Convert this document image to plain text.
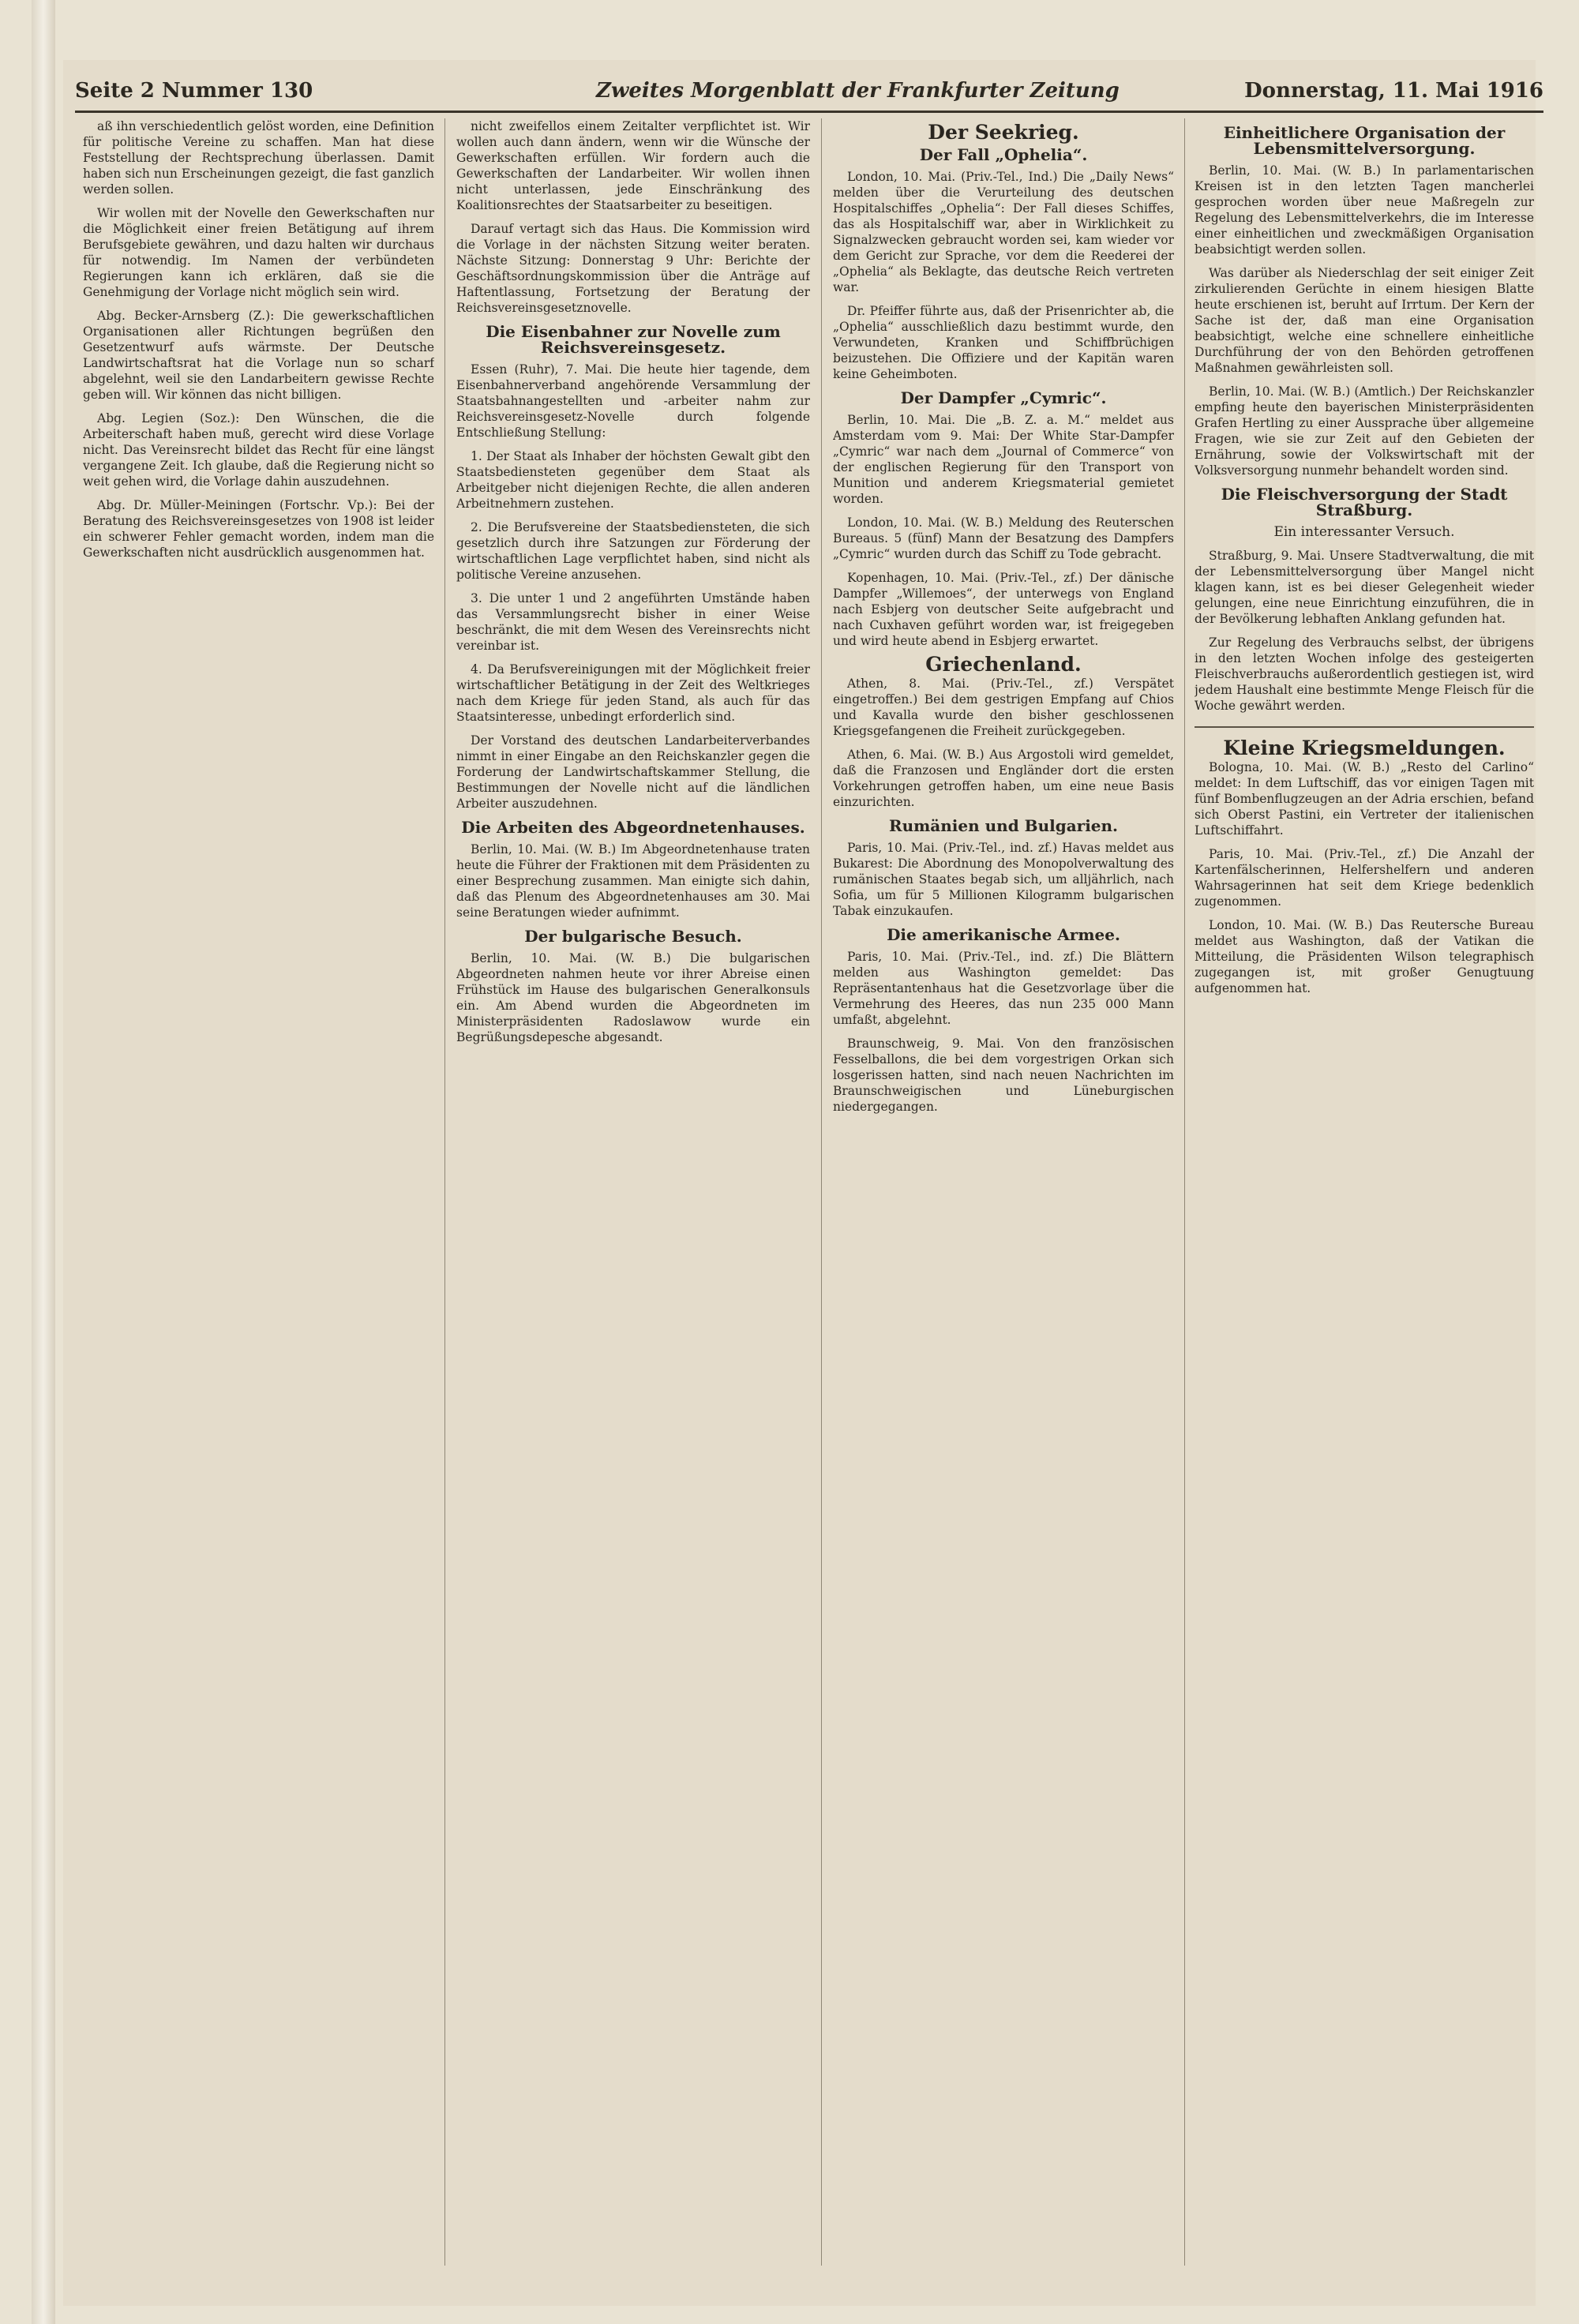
Seite 2 Nummer 130	Zweites Morgenblatt der Frankfurter Zeitung	Donnerstag, 11. Mai 1916

aß ihn verschiedentlich gelöst worden, eine Definition für politische Vereine zu schaffen. Man hat diese Feststellung der Rechtsprechung überlassen. Damit haben sich nun Erscheinungen gezeigt, die fast ganzlich werden sollen.

Wir wollen mit der Novelle den Gewerkschaften nur die Möglichkeit einer freien Betätigung auf ihrem Berufsgebiete gewähren, und dazu halten wir durchaus für notwendig. Im Namen der verbündeten Regierungen kann ich erklären, daß sie die Genehmigung der Vorlage nicht möglich sein wird.

Abg. Becker-Arnsberg (Z.): Die gewerkschaftlichen Organisationen aller Richtungen begrüßen den Gesetzentwurf aufs wärmste. Der Deutsche Landwirtschaftsrat hat die Vorlage nun so scharf abgelehnt, weil sie den Landarbeitern gewisse Rechte geben will. Wir können das nicht billigen.

Abg. Legien (Soz.): Den Wünschen, die die Arbeiterschaft haben muß, gerecht wird diese Vorlage nicht. Das Vereinsrecht bildet das Recht für eine längst vergangene Zeit. Ich glaube, daß die Regierung nicht so weit gehen wird, die Vorlage dahin auszudehnen.

Abg. Dr. Müller-Meiningen (Fortschr. Vp.): Bei der Beratung des Reichsvereinsgesetzes von 1908 ist leider ein schwerer Fehler gemacht worden, indem man die Gewerkschaften nicht ausdrücklich ausgenommen hat.

nicht zweifellos einem Zeitalter verpflichtet ist. Wir wollen auch dann ändern, wenn wir die Wünsche der Gewerkschaften erfüllen. Wir fordern auch die Gewerkschaften der Landarbeiter. Wir wollen ihnen nicht unterlassen, jede Einschränkung des Koalitionsrechtes der Staatsarbeiter zu beseitigen.

Darauf vertagt sich das Haus. Die Kommission wird die Vorlage in der nächsten Sitzung weiter beraten. Nächste Sitzung: Donnerstag 9 Uhr: Berichte der Geschäftsordnungskommission über die Anträge auf Haftentlassung, Fortsetzung der Beratung der Reichsvereinsgesetznovelle.

Die Eisenbahner zur Novelle zum Reichsvereinsgesetz.

Essen (Ruhr), 7. Mai. Die heute hier tagende, dem Eisenbahnerverband angehörende Versammlung der Staatsbahnangestellten und -arbeiter nahm zur Reichsvereinsgesetz-Novelle durch folgende Entschließung Stellung:

1. Der Staat als Inhaber der höchsten Gewalt gibt den Staatsbediensteten gegenüber dem Staat als Arbeitgeber nicht diejenigen Rechte, die allen anderen Arbeitnehmern zustehen.

2. Die Berufsvereine der Staatsbediensteten, die sich gesetzlich durch ihre Satzungen zur Förderung der wirtschaftlichen Lage verpflichtet haben, sind nicht als politische Vereine anzusehen.

3. Die unter 1 und 2 angeführten Umstände haben das Versammlungsrecht bisher in einer Weise beschränkt, die mit dem Wesen des Vereinsrechts nicht vereinbar ist.

4. Da Berufsvereinigungen mit der Möglichkeit freier wirtschaftlicher Betätigung in der Zeit des Weltkrieges nach dem Kriege für jeden Stand, als auch für das Staatsinteresse, unbedingt erforderlich sind.

Der Vorstand des deutschen Landarbeiterverbandes nimmt in einer Eingabe an den Reichskanzler gegen die Forderung der Landwirtschaftskammer Stellung, die Bestimmungen der Novelle nicht auf die ländlichen Arbeiter auszudehnen.

Die Arbeiten des Abgeordnetenhauses.

Berlin, 10. Mai. (W. B.) Im Abgeordnetenhause traten heute die Führer der Fraktionen mit dem Präsidenten zu einer Besprechung zusammen. Man einigte sich dahin, daß das Plenum des Abgeordnetenhauses am 30. Mai seine Beratungen wieder aufnimmt.

Der bulgarische Besuch.

Berlin, 10. Mai. (W. B.) Die bulgarischen Abgeordneten nahmen heute vor ihrer Abreise einen Frühstück im Hause des bulgarischen Generalkonsuls ein. Am Abend wurden die Abgeordneten im Ministerpräsidenten Radoslawow wurde ein Begrüßungsdepesche abgesandt.

Der Seekrieg.
Der Fall „Ophelia“.

London, 10. Mai. (Priv.-Tel., Ind.) Die „Daily News“ melden über die Verurteilung des deutschen Hospitalschiffes „Ophelia“: Der Fall dieses Schiffes, das als Hospitalschiff war, aber in Wirklichkeit zu Signalzwecken gebraucht worden sei, kam wieder vor dem Gericht zur Sprache, vor dem die Reederei der „Ophelia“ als Beklagte, das deutsche Reich vertreten war.

Dr. Pfeiffer führte aus, daß der Prisenrichter ab, die „Ophelia“ ausschließlich dazu bestimmt wurde, den Verwundeten, Kranken und Schiffbrüchigen beizustehen. Die Offiziere und der Kapitän waren keine Geheimboten.

Der Dampfer „Cymric“.

Berlin, 10. Mai. Die „B. Z. a. M.“ meldet aus Amsterdam vom 9. Mai: Der White Star-Dampfer „Cymric“ war nach dem „Journal of Commerce“ von der englischen Regierung für den Transport von Munition und anderem Kriegsmaterial gemietet worden.

London, 10. Mai. (W. B.) Meldung des Reuterschen Bureaus. 5 (fünf) Mann der Besatzung des Dampfers „Cymric“ wurden durch das Schiff zu Tode gebracht.

Kopenhagen, 10. Mai. (Priv.-Tel., zf.) Der dänische Dampfer „Willemoes“, der unterwegs von England nach Esbjerg von deutscher Seite aufgebracht und nach Cuxhaven geführt worden war, ist freigegeben und wird heute abend in Esbjerg erwartet.

Griechenland.

Athen, 8. Mai. (Priv.-Tel., zf.) Verspätet eingetroffen.) Bei dem gestrigen Empfang auf Chios und Kavalla wurde den bisher geschlossenen Kriegsgefangenen die Freiheit zurückgegeben.

Athen, 6. Mai. (W. B.) Aus Argostoli wird gemeldet, daß die Franzosen und Engländer dort die ersten Vorkehrungen getroffen haben, um eine neue Basis einzurichten.

Rumänien und Bulgarien.

Paris, 10. Mai. (Priv.-Tel., ind. zf.) Havas meldet aus Bukarest: Die Abordnung des Monopolverwaltung des rumänischen Staates begab sich, um alljährlich, nach Sofia, um für 5 Millionen Kilogramm bulgarischen Tabak einzukaufen.

Die amerikanische Armee.

Paris, 10. Mai. (Priv.-Tel., ind. zf.) Die Blättern melden aus Washington gemeldet: Das Repräsentantenhaus hat die Gesetzvorlage über die Vermehrung des Heeres, das nun 235 000 Mann umfaßt, abgelehnt.

Braunschweig, 9. Mai. Von den französischen Fesselballons, die bei dem vorgestrigen Orkan sich losgerissen hatten, sind nach neuen Nachrichten im Braunschweigischen und Lüneburgischen niedergegangen.

Einheitlichere Organisation der Lebensmittelversorgung.

Berlin, 10. Mai. (W. B.) In parlamentarischen Kreisen ist in den letzten Tagen mancherlei gesprochen worden über neue Maßregeln zur Regelung des Lebensmittelverkehrs, die im Interesse einer einheitlichen und zweckmäßigen Organisation beabsichtigt werden sollen.

Was darüber als Niederschlag der seit einiger Zeit zirkulierenden Gerüchte in einem hiesigen Blatte heute erschienen ist, beruht auf Irrtum. Der Kern der Sache ist der, daß man eine Organisation beabsichtigt, welche eine schnellere einheitliche Durchführung der von den Behörden getroffenen Maßnahmen gewährleisten soll.

Berlin, 10. Mai. (W. B.) (Amtlich.) Der Reichskanzler empfing heute den bayerischen Ministerpräsidenten Grafen Hertling zu einer Aussprache über allgemeine Fragen, wie sie zur Zeit auf den Gebieten der Ernährung, sowie der Volkswirtschaft mit der Volksversorgung nunmehr behandelt worden sind.

Die Fleischversorgung der Stadt Straßburg.
Ein interessanter Versuch.

Straßburg, 9. Mai. Unsere Stadtverwaltung, die mit der Lebensmittelversorgung über Mangel nicht klagen kann, ist es bei dieser Gelegenheit wieder gelungen, eine neue Einrichtung einzuführen, die in der Bevölkerung lebhaften Anklang gefunden hat.

Zur Regelung des Verbrauchs selbst, der übrigens in den letzten Wochen infolge des gesteigerten Fleischverbrauchs außerordentlich gestiegen ist, wird jedem Haushalt eine bestimmte Menge Fleisch für die Woche gewährt werden.

Kleine Kriegsmeldungen.

Bologna, 10. Mai. (W. B.) „Resto del Carlino“ meldet: In dem Luftschiff, das vor einigen Tagen mit fünf Bombenflugzeugen an der Adria erschien, befand sich Oberst Pastini, ein Vertreter der italienischen Luftschiffahrt.

Paris, 10. Mai. (Priv.-Tel., zf.) Die Anzahl der Kartenfälscherinnen, Helfershelfern und anderen Wahrsagerinnen hat seit dem Kriege bedenklich zugenommen.

London, 10. Mai. (W. B.) Das Reutersche Bureau meldet aus Washington, daß der Vatikan die Mitteilung, die Präsidenten Wilson telegraphisch zugegangen ist, mit großer Genugtuung aufgenommen hat.
